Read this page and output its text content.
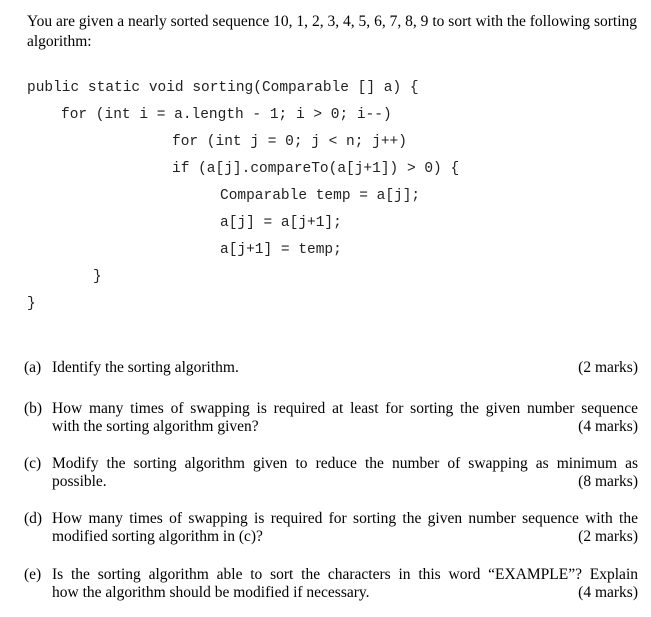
You are given a nearly sorted sequence 10, 1, 2, 3, 4, 5, 6, 7, 8, 9 to sort with the following sorting algorithm:
public static void sorting(Comparable [] a) {
for (int i = a.length - 1; i > 0; i--)
for (int j = 0; j < n; j++)
if (a[j].compareTo(a[j+1]) > 0) {
Comparable temp = a[j];
a[j] = a[j+1];
a[j+1] = temp;
}
}
(a) Identify the sorting algorithm.	(2 marks)
(b) How many times of swapping is required at least for sorting the given number sequence
with the sorting algorithm given?	(4 marks)
(c) Modify the sorting algorithm given to reduce the number of swapping as minimum as
possible.	(8 marks)
(d) How many times of swapping is required for sorting the given number sequence with the
modified sorting algorithm in (c)?	(2 marks)
(e) Is the sorting algorithm able to sort the characters in this word “EXAMPLE”? Explain
how the algorithm should be modified if necessary.	(4 marks)
